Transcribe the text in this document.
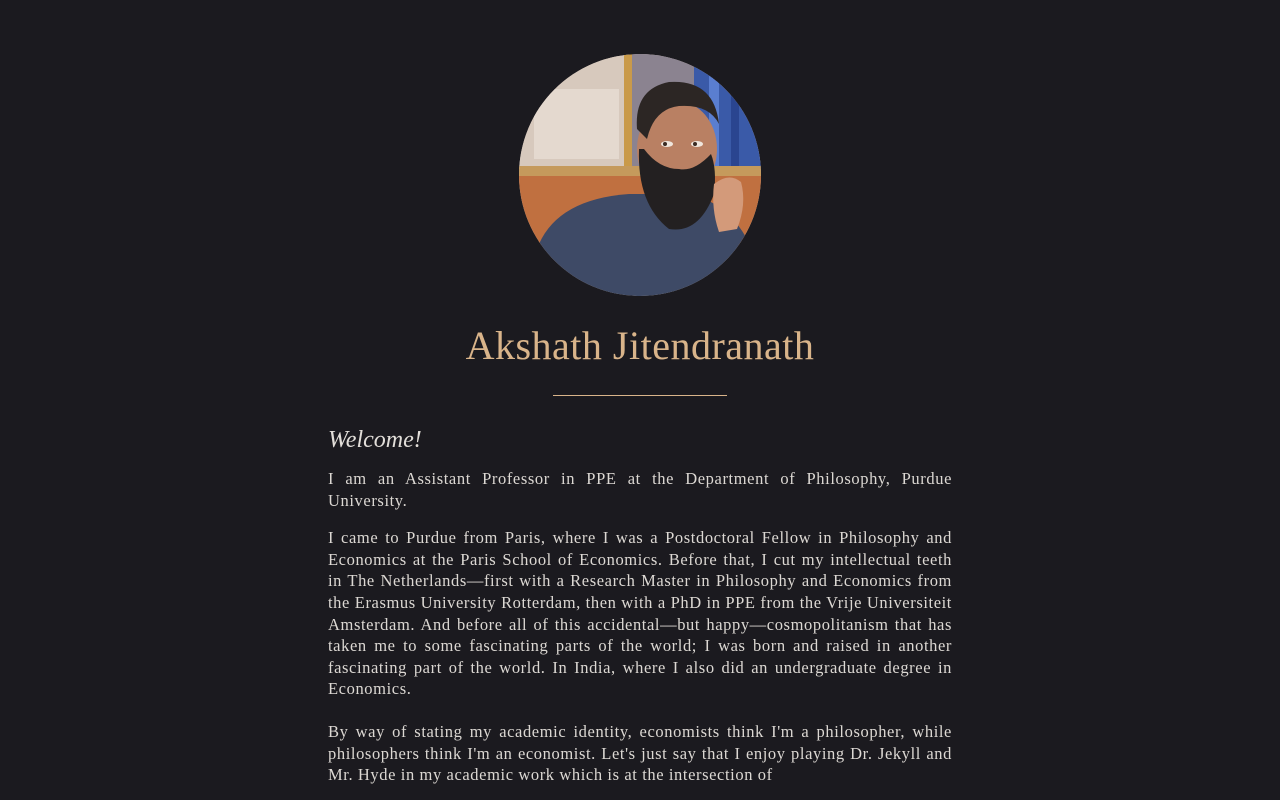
Akshath Jitendranath
Welcome!

I am an Assistant Professor in PPE at the Department of Philosophy, Purdue University.

I came to Purdue from Paris, where I was a Postdoctoral Fellow in Philosophy and Economics at the Paris School of Economics. Before that, I cut my intellectual teeth in The Netherlands—first with a Research Master in Philosophy and Economics from the Erasmus University Rotterdam, then with a PhD in PPE from the Vrije Universiteit Amsterdam. And before all of this accidental—but happy—cosmopolitanism that has taken me to some fascinating parts of the world; I was born and raised in another fascinating part of the world. In India, where I also did an undergraduate degree in Economics.

By way of stating my academic identity, economists think I'm a philosopher, while philosophers think I'm an economist. Let's just say that I enjoy playing Dr. Jekyll and Mr. Hyde in my academic work which is at the intersection of
